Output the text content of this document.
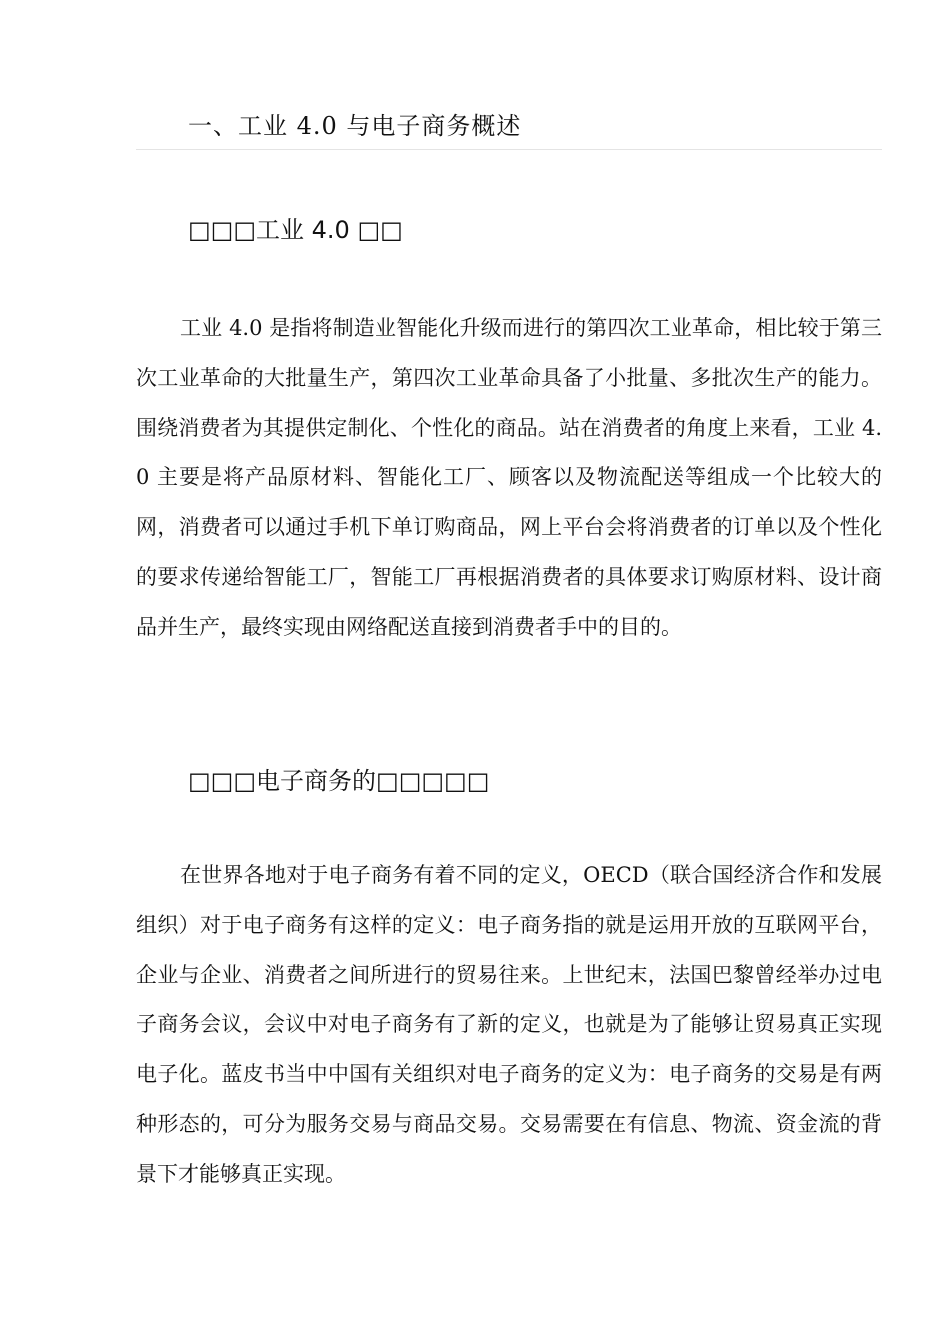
一、工业 4.0 与电子商务概述
□□□工业 4.0 □□

工业 4.0 是指将制造业智能化升级而进行的第四次工业革命，相比较于第三次工业革命的大批量生产，第四次工业革命具备了小批量、多批次生产的能力。围绕消费者为其提供定制化、个性化的商品。站在消费者的角度上来看，工业 4.0 主要是将产品原材料、智能化工厂、顾客以及物流配送等组成一个比较大的网，消费者可以通过手机下单订购商品，网上平台会将消费者的订单以及个性化的要求传递给智能工厂，智能工厂再根据消费者的具体要求订购原材料、设计商品并生产，最终实现由网络配送直接到消费者手中的目的。

□□□电子商务的□□□□□

在世界各地对于电子商务有着不同的定义，OECD（联合国经济合作和发展组织）对于电子商务有这样的定义：电子商务指的就是运用开放的互联网平台，企业与企业、消费者之间所进行的贸易往来。上世纪末，法国巴黎曾经举办过电子商务会议，会议中对电子商务有了新的定义，也就是为了能够让贸易真正实现电子化。蓝皮书当中中国有关组织对电子商务的定义为：电子商务的交易是有两种形态的，可分为服务交易与商品交易。交易需要在有信息、物流、资金流的背景下才能够真正实现。
